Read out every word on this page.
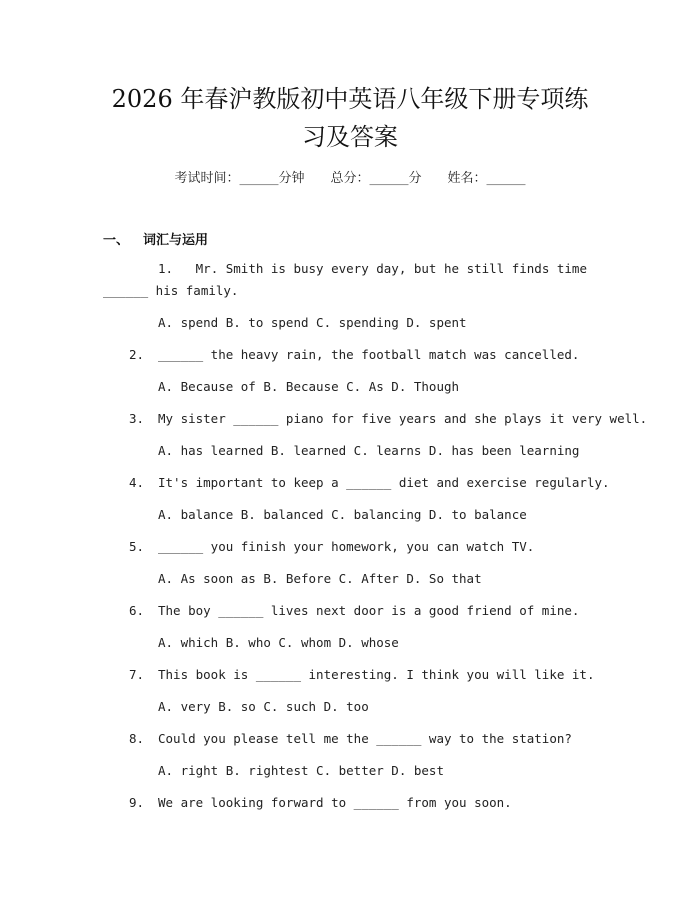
2026 年春沪教版初中英语八年级下册专项练
习及答案
考试时间：______分钟 总分：______分 姓名：______
一、 词汇与运用
1. Mr. Smith is busy every day, but he still finds time ______ his family.
A. spend B. to spend C. spending D. spent
2.	______ the heavy rain, the football match was cancelled.
A. Because of B. Because C. As D. Though
3.	My sister ______ piano for five years and she plays it very well.
A. has learned B. learned C. learns D. has been learning
4.	It's important to keep a ______ diet and exercise regularly.
A. balance B. balanced C. balancing D. to balance
5.	______ you finish your homework, you can watch TV.
A. As soon as B. Before C. After D. So that
6.	The boy ______ lives next door is a good friend of mine.
A. which B. who C. whom D. whose
7.	This book is ______ interesting. I think you will like it.
A. very B. so C. such D. too
8.	Could you please tell me the ______ way to the station?
A. right B. rightest C. better D. best
9.	We are looking forward to ______ from you soon.
